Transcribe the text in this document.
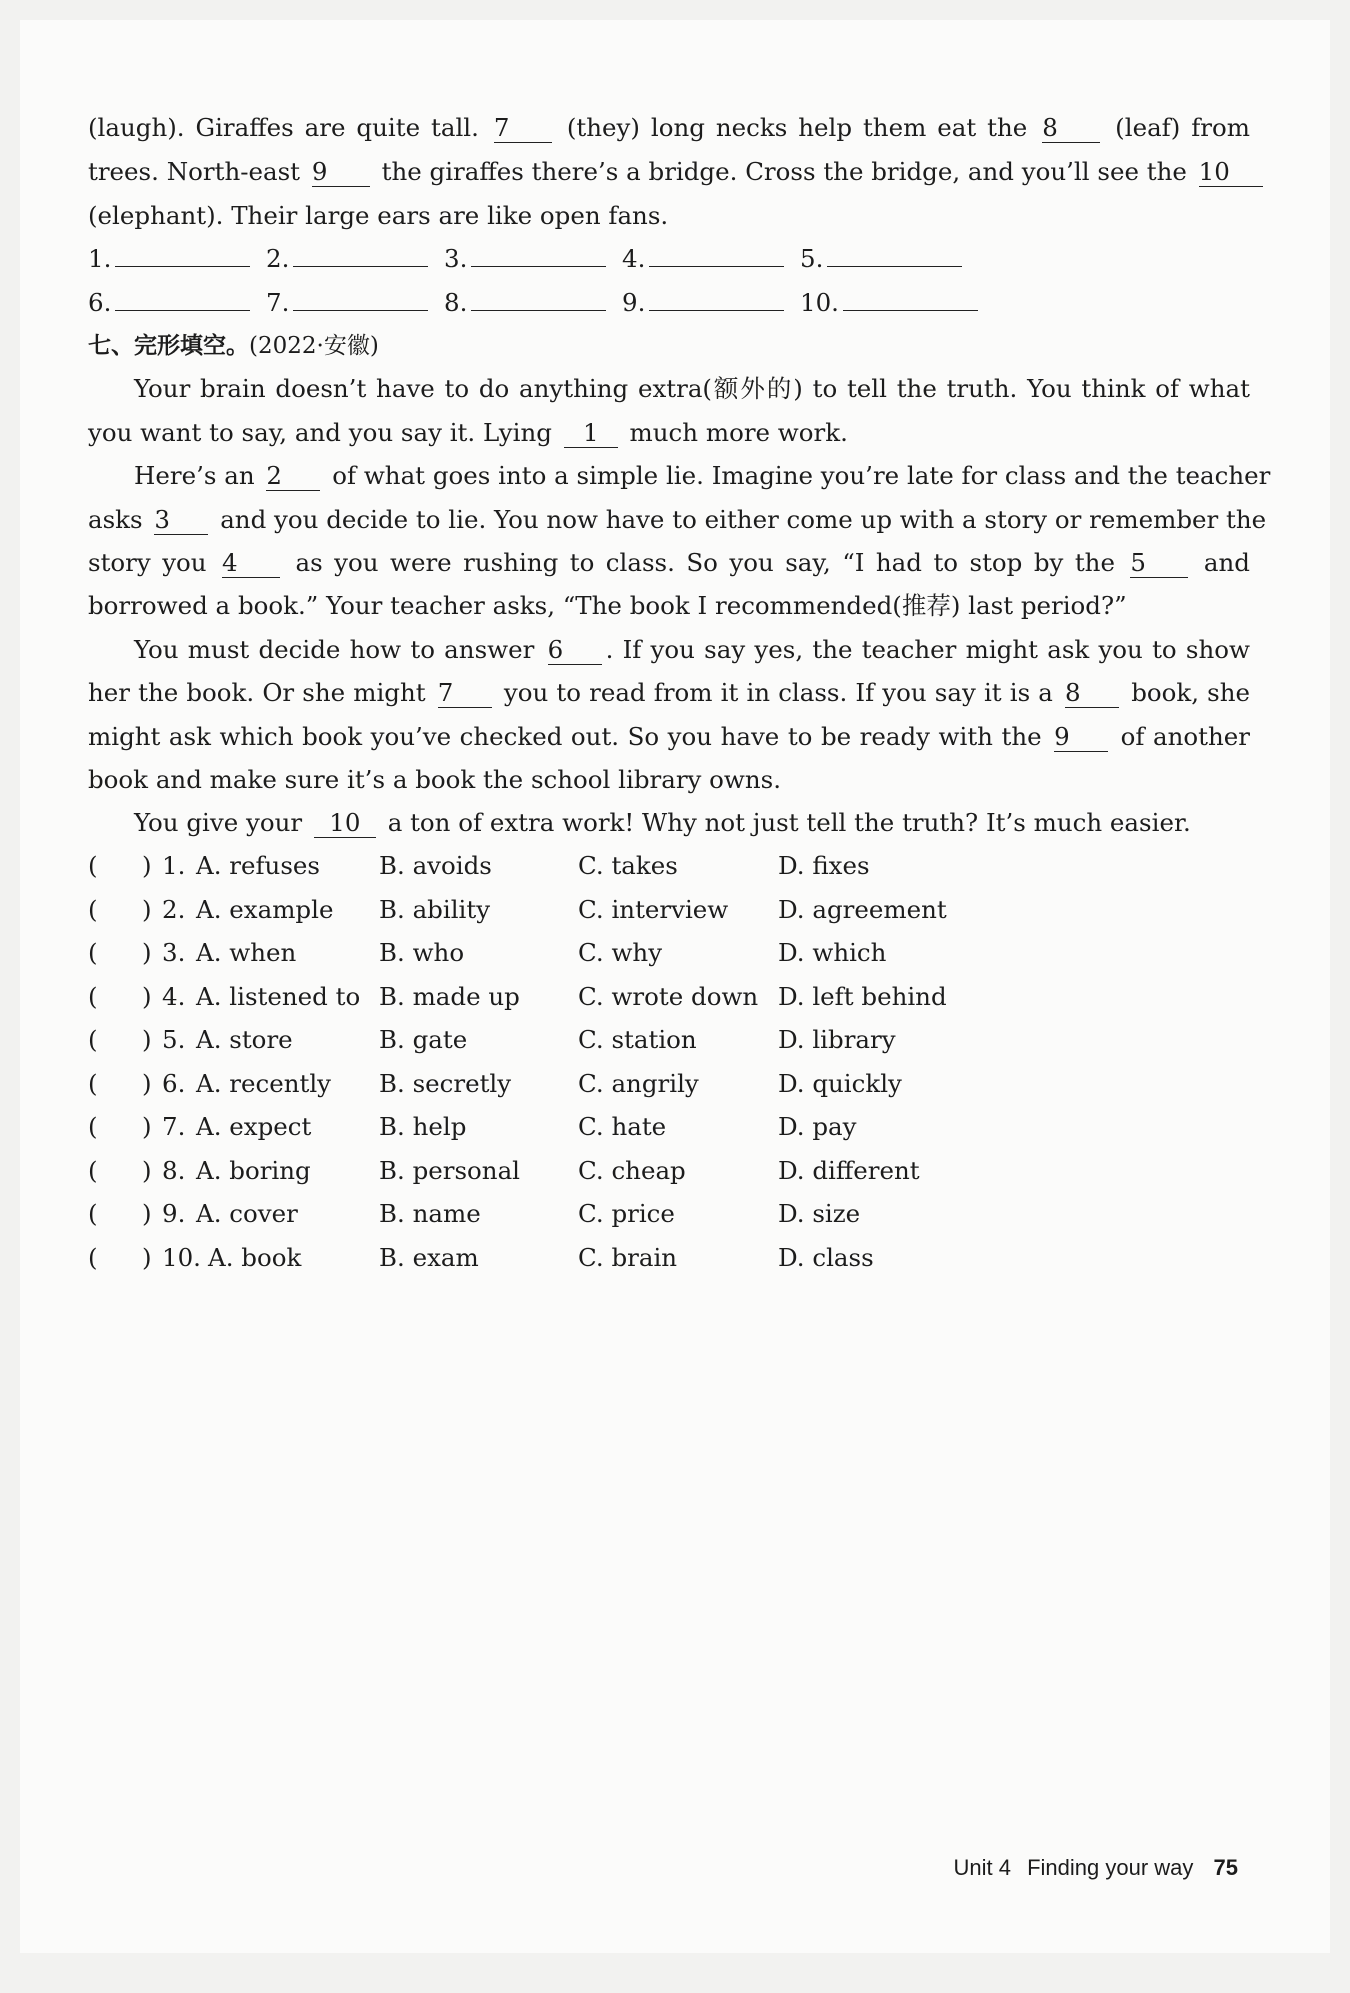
(laugh). Giraffes are quite tall. 7 (they) long necks help them eat the 8 (leaf) from
trees. North-east 9 the giraffes there’s a bridge. Cross the bridge, and you’ll see the 10
(elephant). Their large ears are like open fans.
1.	2.	3.	4.	5.
6.	7.	8.	9.	10.
七、完形填空。(2022·安徽)
Your brain doesn’t have to do anything extra(额外的) to tell the truth. You think of what
you want to say, and you say it. Lying 1 much more work.
Here’s an 2 of what goes into a simple lie. Imagine you’re late for class and the teacher
asks 3 and you decide to lie. You now have to either come up with a story or remember the
story you 4 as you were rushing to class. So you say, “I had to stop by the 5 and
borrowed a book.” Your teacher asks, “The book I recommended(推荐) last period?”
You must decide how to answer 6 . If you say yes, the teacher might ask you to show
her the book. Or she might 7 you to read from it in class. If you say it is a 8 book, she
might ask which book you’ve checked out. So you have to be ready with the 9 of another
book and make sure it’s a book the school library owns.
You give your 10 a ton of extra work! Why not just tell the truth? It’s much easier.
( ) 1. A. refuses B. avoids	C. takes	D. fixes
( ) 2. A. example B. ability	C. interview D. agreement
( ) 3. A. when	B. who	C. why	D. which
( ) 4. A. listened to B. made up C. wrote down D. left behind
( ) 5. A. store	B. gate	C. station	D. library
( ) 6. A. recently B. secretly	C. angrily	D. quickly
( ) 7. A. expect	B. help	C. hate	D. pay
( ) 8. A. boring	B. personal C. cheap	D. different
( ) 9. A. cover	B. name	C. price	D. size
( ) 10. A. book	B. exam	C. brain	D. class
Unit 4 Finding your way 75
